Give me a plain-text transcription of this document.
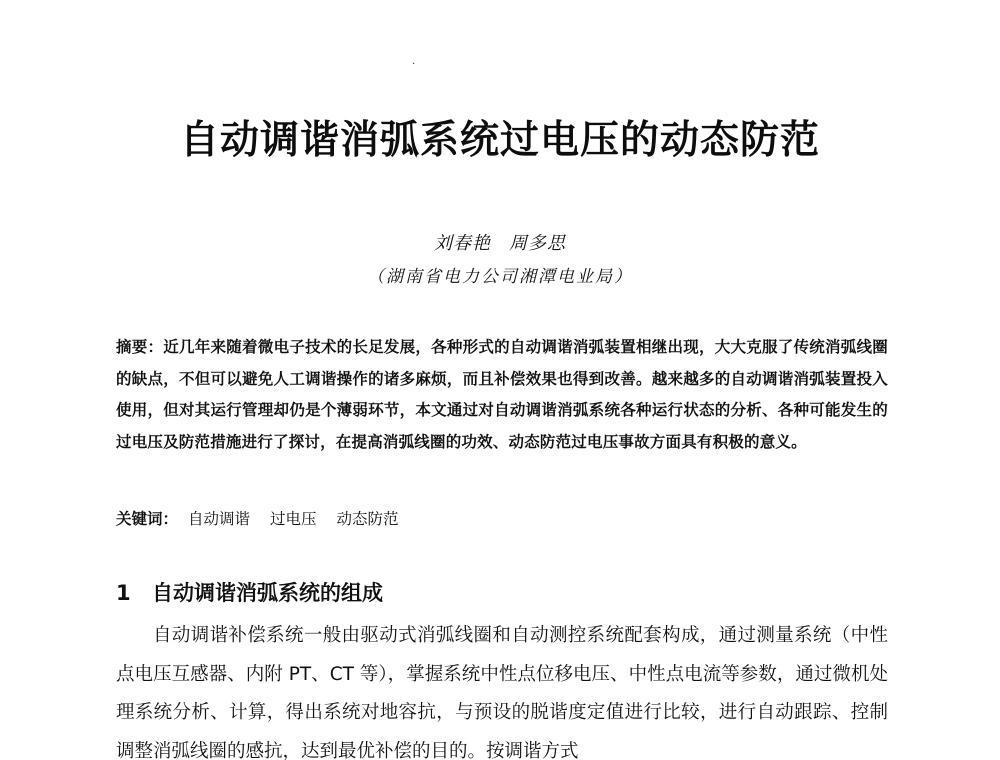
·
自动调谐消弧系统过电压的动态防范
刘春艳 周多思
（湖南省电力公司湘潭电业局）
摘要：近几年来随着微电子技术的长足发展，各种形式的自动调谐消弧装置相继出现，大大克服了传统消弧线圈的缺点，不但可以避免人工调谐操作的诸多麻烦，而且补偿效果也得到改善。越来越多的自动调谐消弧装置投入使用，但对其运行管理却仍是个薄弱环节，本文通过对自动调谐消弧系统各种运行状态的分析、各种可能发生的过电压及防范措施进行了探讨，在提高消弧线圈的功效、动态防范过电压事故方面具有积极的意义。
关键词： 自动调谐 过电压 动态防范
1 自动调谐消弧系统的组成

自动调谐补偿系统一般由驱动式消弧线圈和自动测控系统配套构成，通过测量系统（中性点电压互感器、内附 PT、CT 等），掌握系统中性点位移电压、中性点电流等参数，通过微机处理系统分析、计算，得出系统对地容抗，与预设的脱谐度定值进行比较，进行自动跟踪、控制调整消弧线圈的感抗，达到最优补偿的目的。按调谐方式
